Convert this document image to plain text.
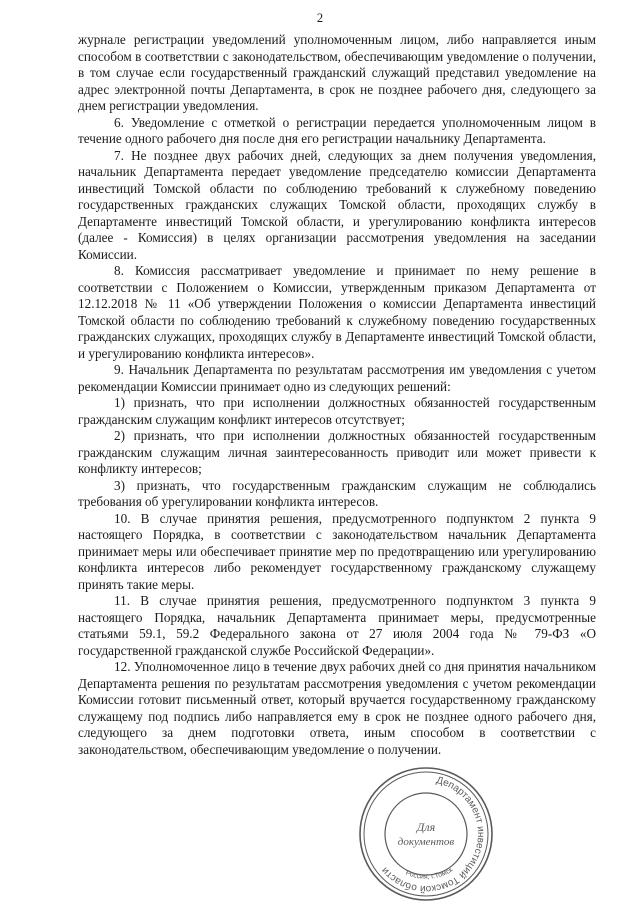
2

журнале регистрации уведомлений уполномоченным лицом, либо направляется иным способом в соответствии с законодательством, обеспечивающим уведомление о получении, в том случае если государственный гражданский служащий представил уведомление на адрес электронной почты Департамента, в срок не позднее рабочего дня, следующего за днем регистрации уведомления.

6. Уведомление с отметкой о регистрации передается уполномоченным лицом в течение одного рабочего дня после дня его регистрации начальнику Департамента.

7. Не позднее двух рабочих дней, следующих за днем получения уведомления, начальник Департамента передает уведомление председателю комиссии Департамента инвестиций Томской области по соблюдению требований к служебному поведению государственных гражданских служащих Томской области, проходящих службу в Департаменте инвестиций Томской области, и урегулированию конфликта интересов (далее - Комиссия) в целях организации рассмотрения уведомления на заседании Комиссии.

8. Комиссия рассматривает уведомление и принимает по нему решение в соответствии с Положением о Комиссии, утвержденным приказом Департамента от 12.12.2018 № 11 «Об утверждении Положения о комиссии Департамента инвестиций Томской области по соблюдению требований к служебному поведению государственных гражданских служащих, проходящих службу в Департаменте инвестиций Томской области, и урегулированию конфликта интересов».

9. Начальник Департамента по результатам рассмотрения им уведомления с учетом рекомендации Комиссии принимает одно из следующих решений:

1) признать, что при исполнении должностных обязанностей государственным гражданским служащим конфликт интересов отсутствует;

2) признать, что при исполнении должностных обязанностей государственным гражданским служащим личная заинтересованность приводит или может привести к конфликту интересов;

3) признать, что государственным гражданским служащим не соблюдались требования об урегулировании конфликта интересов.

10. В случае принятия решения, предусмотренного подпунктом 2 пункта 9 настоящего Порядка, в соответствии с законодательством начальник Департамента принимает меры или обеспечивает принятие мер по предотвращению или урегулированию конфликта интересов либо рекомендует государственному гражданскому служащему принять такие меры.

11. В случае принятия решения, предусмотренного подпунктом 3 пункта 9 настоящего Порядка, начальник Департамента принимает меры, предусмотренные статьями 59.1, 59.2 Федерального закона от 27 июля 2004 года № 79-ФЗ «О государственной гражданской службе Российской Федерации».

12. Уполномоченное лицо в течение двух рабочих дней со дня принятия начальником Департамента решения по результатам рассмотрения уведомления с учетом рекомендации Комиссии готовит письменный ответ, который вручается государственному гражданскому служащему под подпись либо направляется ему в срок не позднее одного рабочего дня, следующего за днем подготовки ответа, иным способом в соответствии с законодательством, обеспечивающим уведомление о получении.

Департамент инвестиций Томской области	Россия, г.Томск
Для
документов
